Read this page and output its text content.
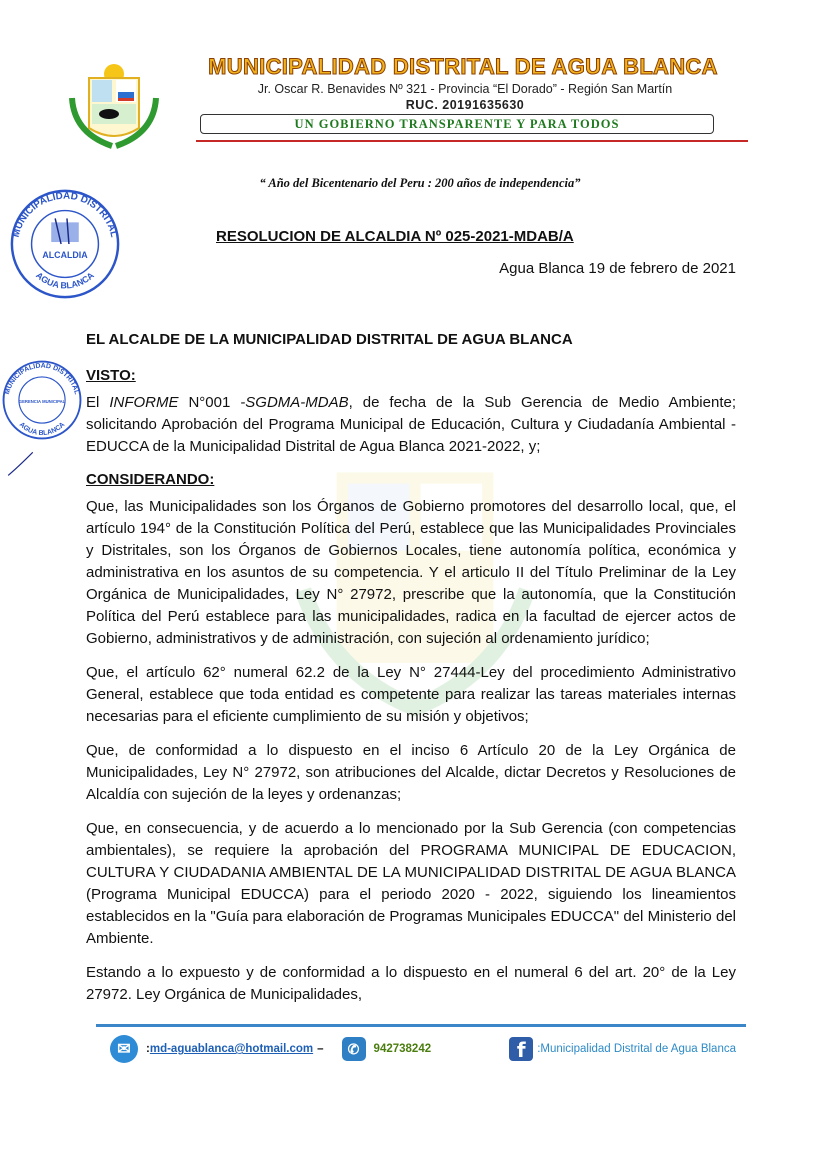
MUNICIPALIDAD DISTRITAL DE AGUA BLANCA
Jr. Oscar R. Benavides Nº 321 - Provincia “El Dorado” - Región San Martín
RUC. 20191635630
UN GOBIERNO TRANSPARENTE Y PARA TODOS
“ Año del Bicentenario del Peru : 200 años de independencia”
MUNICIPALIDAD DISTRITAL
AGUA BLANCA
ALCALDIA
RESOLUCION DE ALCALDIA Nº 025-2021-MDAB/A
Agua Blanca 19 de febrero de 2021
MUNICIPALIDAD DISTRITAL
AGUA BLANCA
GERENCIA MUNICIPAL
EL ALCALDE DE LA MUNICIPALIDAD DISTRITAL DE AGUA BLANCA
VISTO:
El INFORME N°001 -SGDMA-MDAB, de fecha de la Sub Gerencia de Medio Ambiente; solicitando Aprobación del Programa Municipal de Educación, Cultura y Ciudadanía Ambiental - EDUCCA de la Municipalidad Distrital de Agua Blanca 2021-2022, y;
CONSIDERANDO:
Que, las Municipalidades son los Órganos de Gobierno promotores del desarrollo local, que, el artículo 194° de la Constitución Política del Perú, establece que las Municipalidades Provinciales y Distritales, son los Órganos de Gobiernos Locales, tiene autonomía política, económica y administrativa en los asuntos de su competencia. Y el articulo II del Título Preliminar de la Ley Orgánica de Municipalidades, Ley N° 27972, prescribe que la autonomía, que la Constitución Política del Perú establece para las municipalidades, radica en la facultad de ejercer actos de Gobierno, administrativos y de administración, con sujeción al ordenamiento jurídico;
Que, el artículo 62° numeral 62.2 de la Ley N° 27444-Ley del procedimiento Administrativo General, establece que toda entidad es competente para realizar las tareas materiales internas necesarias para el eficiente cumplimiento de su misión y objetivos;
Que, de conformidad a lo dispuesto en el inciso 6 Artículo 20 de la Ley Orgánica de Municipalidades, Ley N° 27972, son atribuciones del Alcalde, dictar Decretos y Resoluciones de Alcaldía con sujeción de la leyes y ordenanzas;
Que, en consecuencia, y de acuerdo a lo mencionado por la Sub Gerencia (con competencias ambientales), se requiere la aprobación del PROGRAMA MUNICIPAL DE EDUCACION, CULTURA Y CIUDADANIA AMBIENTAL DE LA MUNICIPALIDAD DISTRITAL DE AGUA BLANCA (Programa Municipal EDUCCA) para el periodo 2020 - 2022, siguiendo los lineamientos establecidos en la "Guía para elaboración de Programas Municipales EDUCCA" del Ministerio del Ambiente.
Estando a lo expuesto y de conformidad a lo dispuesto en el numeral 6 del art. 20° de la Ley 27972. Ley Orgánica de Municipalidades,
✉	: md-aguablanca@hotmail.com –	✆	942738242	f	:Municipalidad Distrital de Agua Blanca
